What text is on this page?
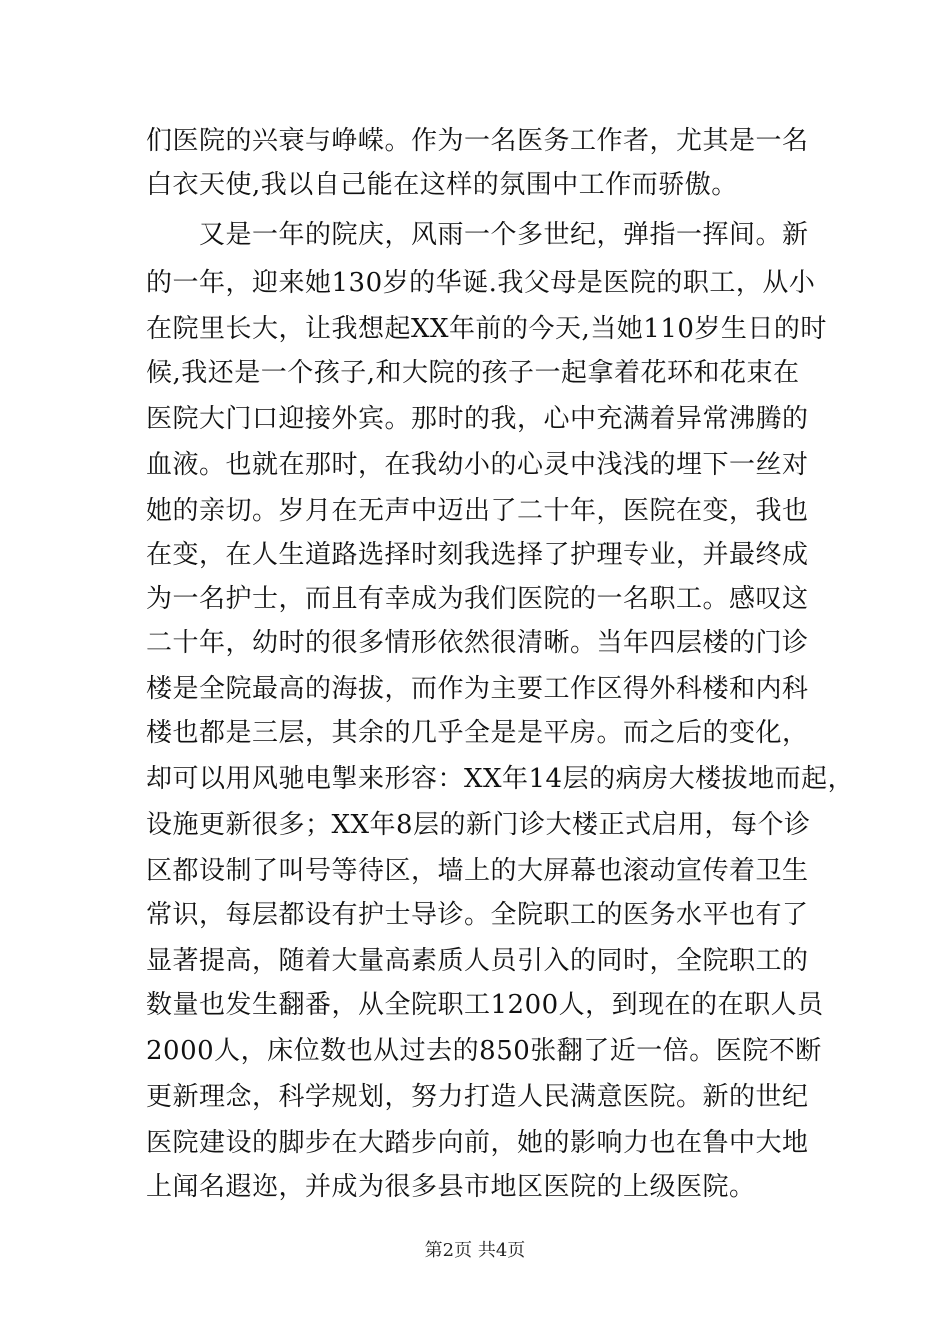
们医院的兴衰与峥嵘。作为一名医务工作者，尤其是一名
白衣天使,我以自己能在这样的氛围中工作而骄傲。
　　又是一年的院庆，风雨一个多世纪，弹指一挥间。新
的一年，迎来她130岁的华诞.我父母是医院的职工，从小
在院里长大，让我想起XX年前的今天,当她110岁生日的时
候,我还是一个孩子,和大院的孩子一起拿着花环和花束在
医院大门口迎接外宾。那时的我，心中充满着异常沸腾的
血液。也就在那时，在我幼小的心灵中浅浅的埋下一丝对
她的亲切。岁月在无声中迈出了二十年，医院在变，我也
在变，在人生道路选择时刻我选择了护理专业，并最终成
为一名护士，而且有幸成为我们医院的一名职工。感叹这
二十年，幼时的很多情形依然很清晰。当年四层楼的门诊
楼是全院最高的海拔，而作为主要工作区得外科楼和内科
楼也都是三层，其余的几乎全是是平房。而之后的变化，
却可以用风驰电掣来形容：XX年14层的病房大楼拔地而起，
设施更新很多；XX年8层的新门诊大楼正式启用，每个诊
区都设制了叫号等待区，墙上的大屏幕也滚动宣传着卫生
常识，每层都设有护士导诊。全院职工的医务水平也有了
显著提高，随着大量高素质人员引入的同时，全院职工的
数量也发生翻番，从全院职工1200人，到现在的在职人员
2000人，床位数也从过去的850张翻了近一倍。医院不断
更新理念，科学规划，努力打造人民满意医院。新的世纪
医院建设的脚步在大踏步向前，她的影响力也在鲁中大地
上闻名遐迩，并成为很多县市地区医院的上级医院。
第2页 共4页
